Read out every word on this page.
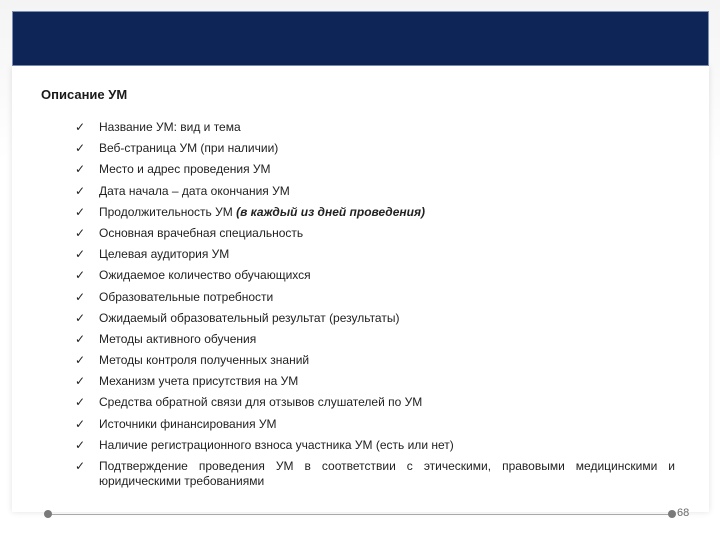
Описание УМ
✓	Название УМ: вид и тема
✓	Веб-страница УМ (при наличии)
✓	Место и адрес проведения УМ
✓	Дата начала – дата окончания УМ
✓	Продолжительность УМ (в каждый из дней проведения)
✓	Основная врачебная специальность
✓	Целевая аудитория УМ
✓	Ожидаемое количество обучающихся
✓	Образовательные потребности
✓	Ожидаемый образовательный результат (результаты)
✓	Методы активного обучения
✓	Методы контроля полученных знаний
✓	Механизм учета присутствия на УМ
✓	Средства обратной связи для отзывов слушателей по УМ
✓	Источники финансирования УМ
✓	Наличие регистрационного взноса участника УМ (есть или нет)
✓	Подтверждение проведения УМ в соответствии с этическими, правовыми медицинскими и юридическими требованиями
68
